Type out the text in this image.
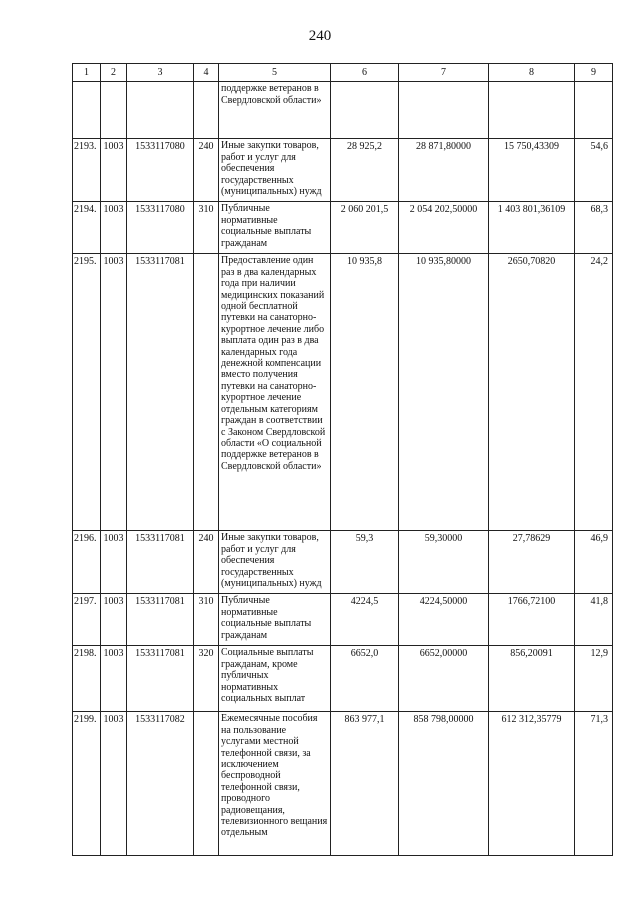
240
1	2	3	4	5	6	7	8	9
				поддержке ветеранов в Свердловской области»				
2193.	1003	1533117080	240	Иные закупки товаров, работ и услуг для обеспечения государственных (муниципальных) нужд	28 925,2	28 871,80000	15 750,43309	54,6
2194.	1003	1533117080	310	Публичные нормативные социальные выплаты гражданам	2 060 201,5	2 054 202,50000	1 403 801,36109	68,3
2195.	1003	1533117081		Предоставление один раз в два календарных года при наличии медицинских показаний одной бесплатной путевки на санаторно-курортное лечение либо выплата один раз в два календарных года денежной компенсации вместо получения путевки на санаторно-курортное лечение отдельным категориям граждан в соответствии с Законом Свердловской области «О социальной поддержке ветеранов в Свердловской области»	10 935,8	10 935,80000	2650,70820	24,2
2196.	1003	1533117081	240	Иные закупки товаров, работ и услуг для обеспечения государственных (муниципальных) нужд	59,3	59,30000	27,78629	46,9
2197.	1003	1533117081	310	Публичные нормативные социальные выплаты гражданам	4224,5	4224,50000	1766,72100	41,8
2198.	1003	1533117081	320	Социальные выплаты гражданам, кроме публичных нормативных социальных выплат	6652,0	6652,00000	856,20091	12,9
2199.	1003	1533117082		Ежемесячные пособия на пользование услугами местной телефонной связи, за исключением беспроводной телефонной связи, проводного радиовещания, телевизионного вещания отдельным	863 977,1	858 798,00000	612 312,35779	71,3
